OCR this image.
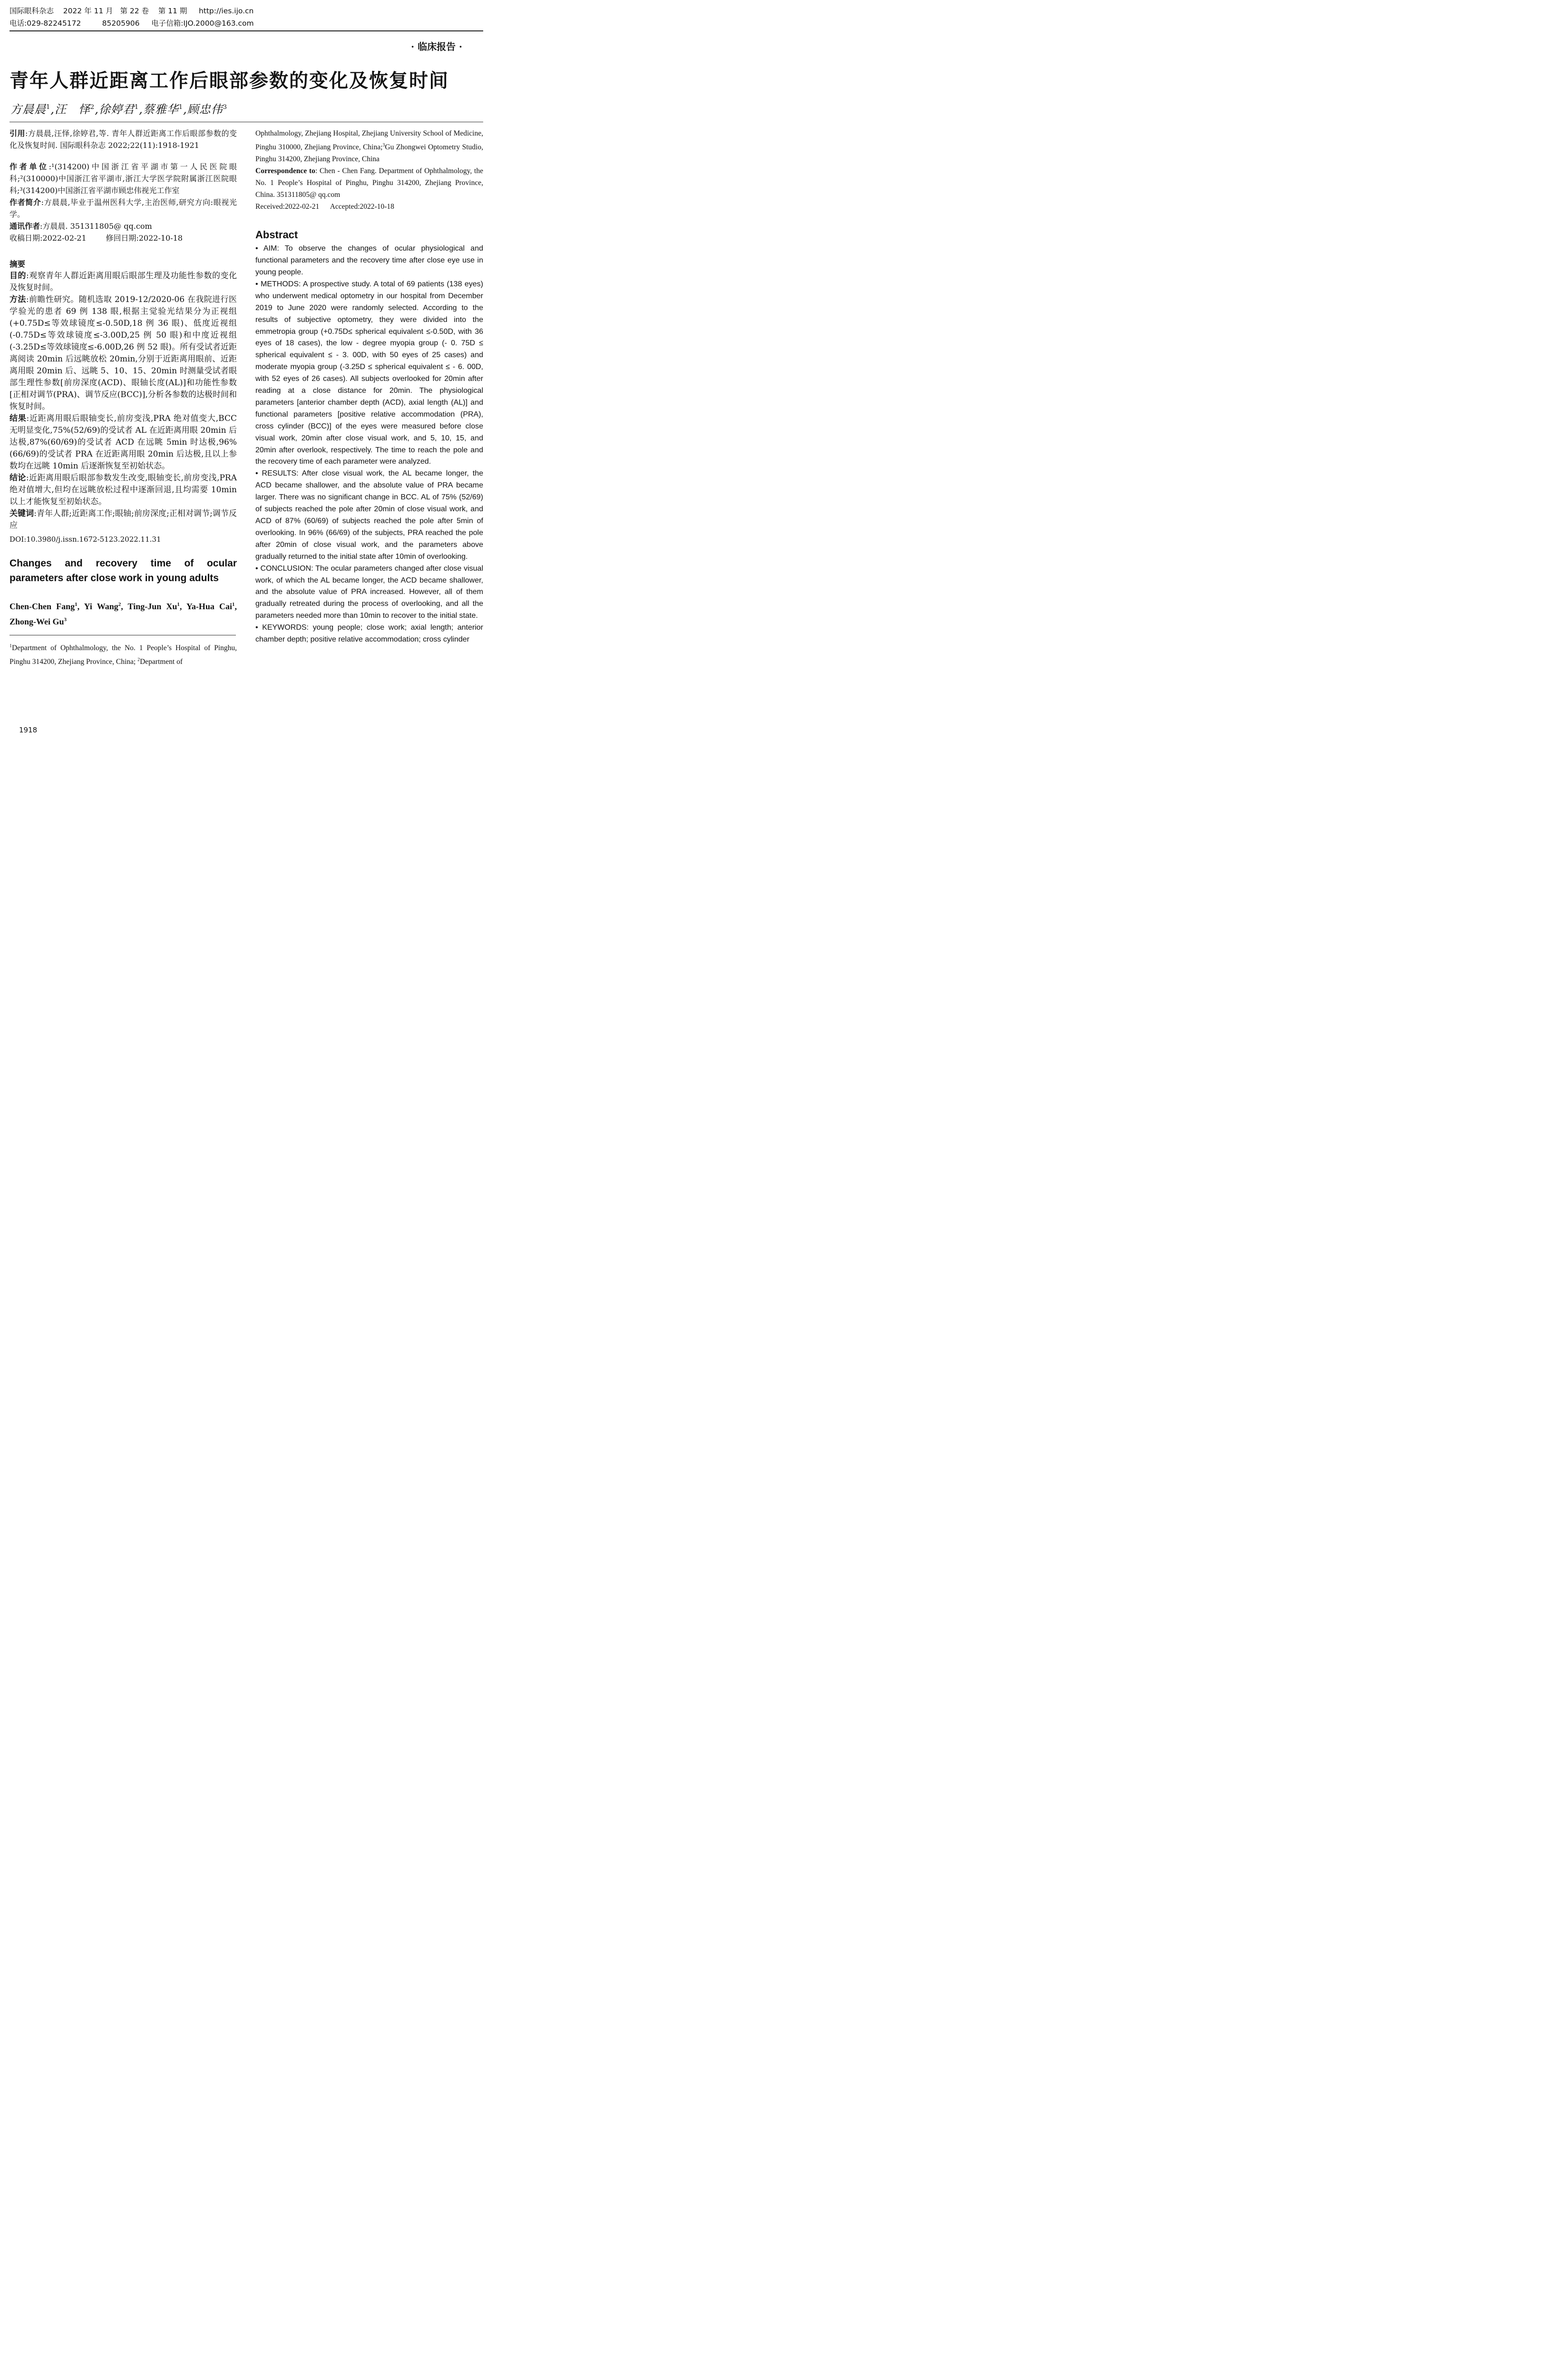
国际眼科杂志    2022 年 11 月   第 22 卷    第 11 期     http://ies.ijo.cn
电话:029-82245172         85205906     电子信箱:IJO.2000@163.com
· 临床报告 ·
青年人群近距离工作后眼部参数的变化及恢复时间
方晨晨$^1$,汪　怿$^2$,徐婷君$^1$,蔡雅华$^1$,顾忠伟$^3$

引用:方晨晨,汪怿,徐婷君,等. 青年人群近距离工作后眼部参数的变化及恢复时间. 国际眼科杂志 2022;22(11):1918-1921

作者单位:¹(314200)中国浙江省平湖市第一人民医院眼科;²(310000)中国浙江省平湖市,浙江大学医学院附属浙江医院眼科;³(314200)中国浙江省平湖市顾忠伟视光工作室

作者简介:方晨晨,毕业于温州医科大学,主治医师,研究方向:眼视光学。

通讯作者:方晨晨. 351311805@ qq.com

收稿日期:2022-02-21        修回日期:2022-10-18

摘要

目的:观察青年人群近距离用眼后眼部生理及功能性参数的变化及恢复时间。

方法:前瞻性研究。随机选取 2019-12/2020-06 在我院进行医学验光的患者 69 例 138 眼,根据主觉验光结果分为正视组(+0.75D≤等效球镜度≤-0.50D,18 例 36 眼)、低度近视组(-0.75D≤等效球镜度≤-3.00D,25 例 50 眼)和中度近视组(-3.25D≤等效球镜度≤-6.00D,26 例 52 眼)。所有受试者近距离阅读 20min 后远眺放松 20min,分别于近距离用眼前、近距离用眼 20min 后、远眺 5、10、15、20min 时测量受试者眼部生理性参数[前房深度(ACD)、眼轴长度(AL)]和功能性参数[正相对调节(PRA)、调节反应(BCC)],分析各参数的达极时间和恢复时间。

结果:近距离用眼后眼轴变长,前房变浅,PRA 绝对值变大,BCC 无明显变化,75%(52/69)的受试者 AL 在近距离用眼 20min 后达极,87%(60/69)的受试者 ACD 在远眺 5min 时达极,96%(66/69)的受试者 PRA 在近距离用眼 20min 后达极,且以上参数均在远眺 10min 后逐渐恢复至初始状态。

结论:近距离用眼后眼部参数发生改变,眼轴变长,前房变浅,PRA 绝对值增大,但均在远眺放松过程中逐渐回退,且均需要 10min 以上才能恢复至初始状态。

关键词:青年人群;近距离工作;眼轴;前房深度;正相对调节;调节反应

DOI:10.3980/j.issn.1672-5123.2022.11.31

Changes and recovery time of ocular parameters after close work in young adults
Chen-Chen Fang$^1$, Yi Wang$^2$, Ting-Jun Xu$^1$, Ya-Hua Cai$^1$, Zhong-Wei Gu$^3$

$^1$Department of Ophthalmology, the No. 1 People’s Hospital of Pinghu, Pinghu 314200, Zhejiang Province, China; $^2$Department of

Ophthalmology, Zhejiang Hospital, Zhejiang University School of Medicine, Pinghu 310000, Zhejiang Province, China;$^3$Gu Zhongwei Optometry Studio, Pinghu 314200, Zhejiang Province, China

Correspondence to: Chen - Chen Fang. Department of Ophthalmology, the No. 1 People’s Hospital of Pinghu, Pinghu 314200, Zhejiang Province, China. 351311805@ qq.com

Received:2022-02-21      Accepted:2022-10-18

Abstract

• AIM: To observe the changes of ocular physiological and functional parameters and the recovery time after close eye use in young people.

• METHODS: A prospective study. A total of 69 patients (138 eyes) who underwent medical optometry in our hospital from December 2019 to June 2020 were randomly selected. According to the results of subjective optometry, they were divided into the emmetropia group (+0.75D≤ spherical equivalent ≤-0.50D, with 36 eyes of 18 cases), the low - degree myopia group (- 0. 75D ≤ spherical equivalent ≤ - 3. 00D, with 50 eyes of 25 cases) and moderate myopia group (-3.25D ≤ spherical equivalent ≤ - 6. 00D, with 52 eyes of 26 cases). All subjects overlooked for 20min after reading at a close distance for 20min. The physiological parameters [anterior chamber depth (ACD), axial length (AL)] and functional parameters [positive relative accommodation (PRA), cross cylinder (BCC)] of the eyes were measured before close visual work, 20min after close visual work, and 5, 10, 15, and 20min after overlook, respectively. The time to reach the pole and the recovery time of each parameter were analyzed.

• RESULTS: After close visual work, the AL became longer, the ACD became shallower, and the absolute value of PRA became larger. There was no significant change in BCC. AL of 75% (52/69) of subjects reached the pole after 20min of close visual work, and ACD of 87% (60/69) of subjects reached the pole after 5min of overlooking. In 96% (66/69) of the subjects, PRA reached the pole after 20min of close visual work, and the parameters above gradually returned to the initial state after 10min of overlooking.

• CONCLUSION: The ocular parameters changed after close visual work, of which the AL became longer, the ACD became shallower, and the absolute value of PRA increased. However, all of them gradually retreated during the process of overlooking, and all the parameters needed more than 10min to recover to the initial state.

• KEYWORDS: young people; close work; axial length; anterior chamber depth; positive relative accommodation; cross cylinder

1918
